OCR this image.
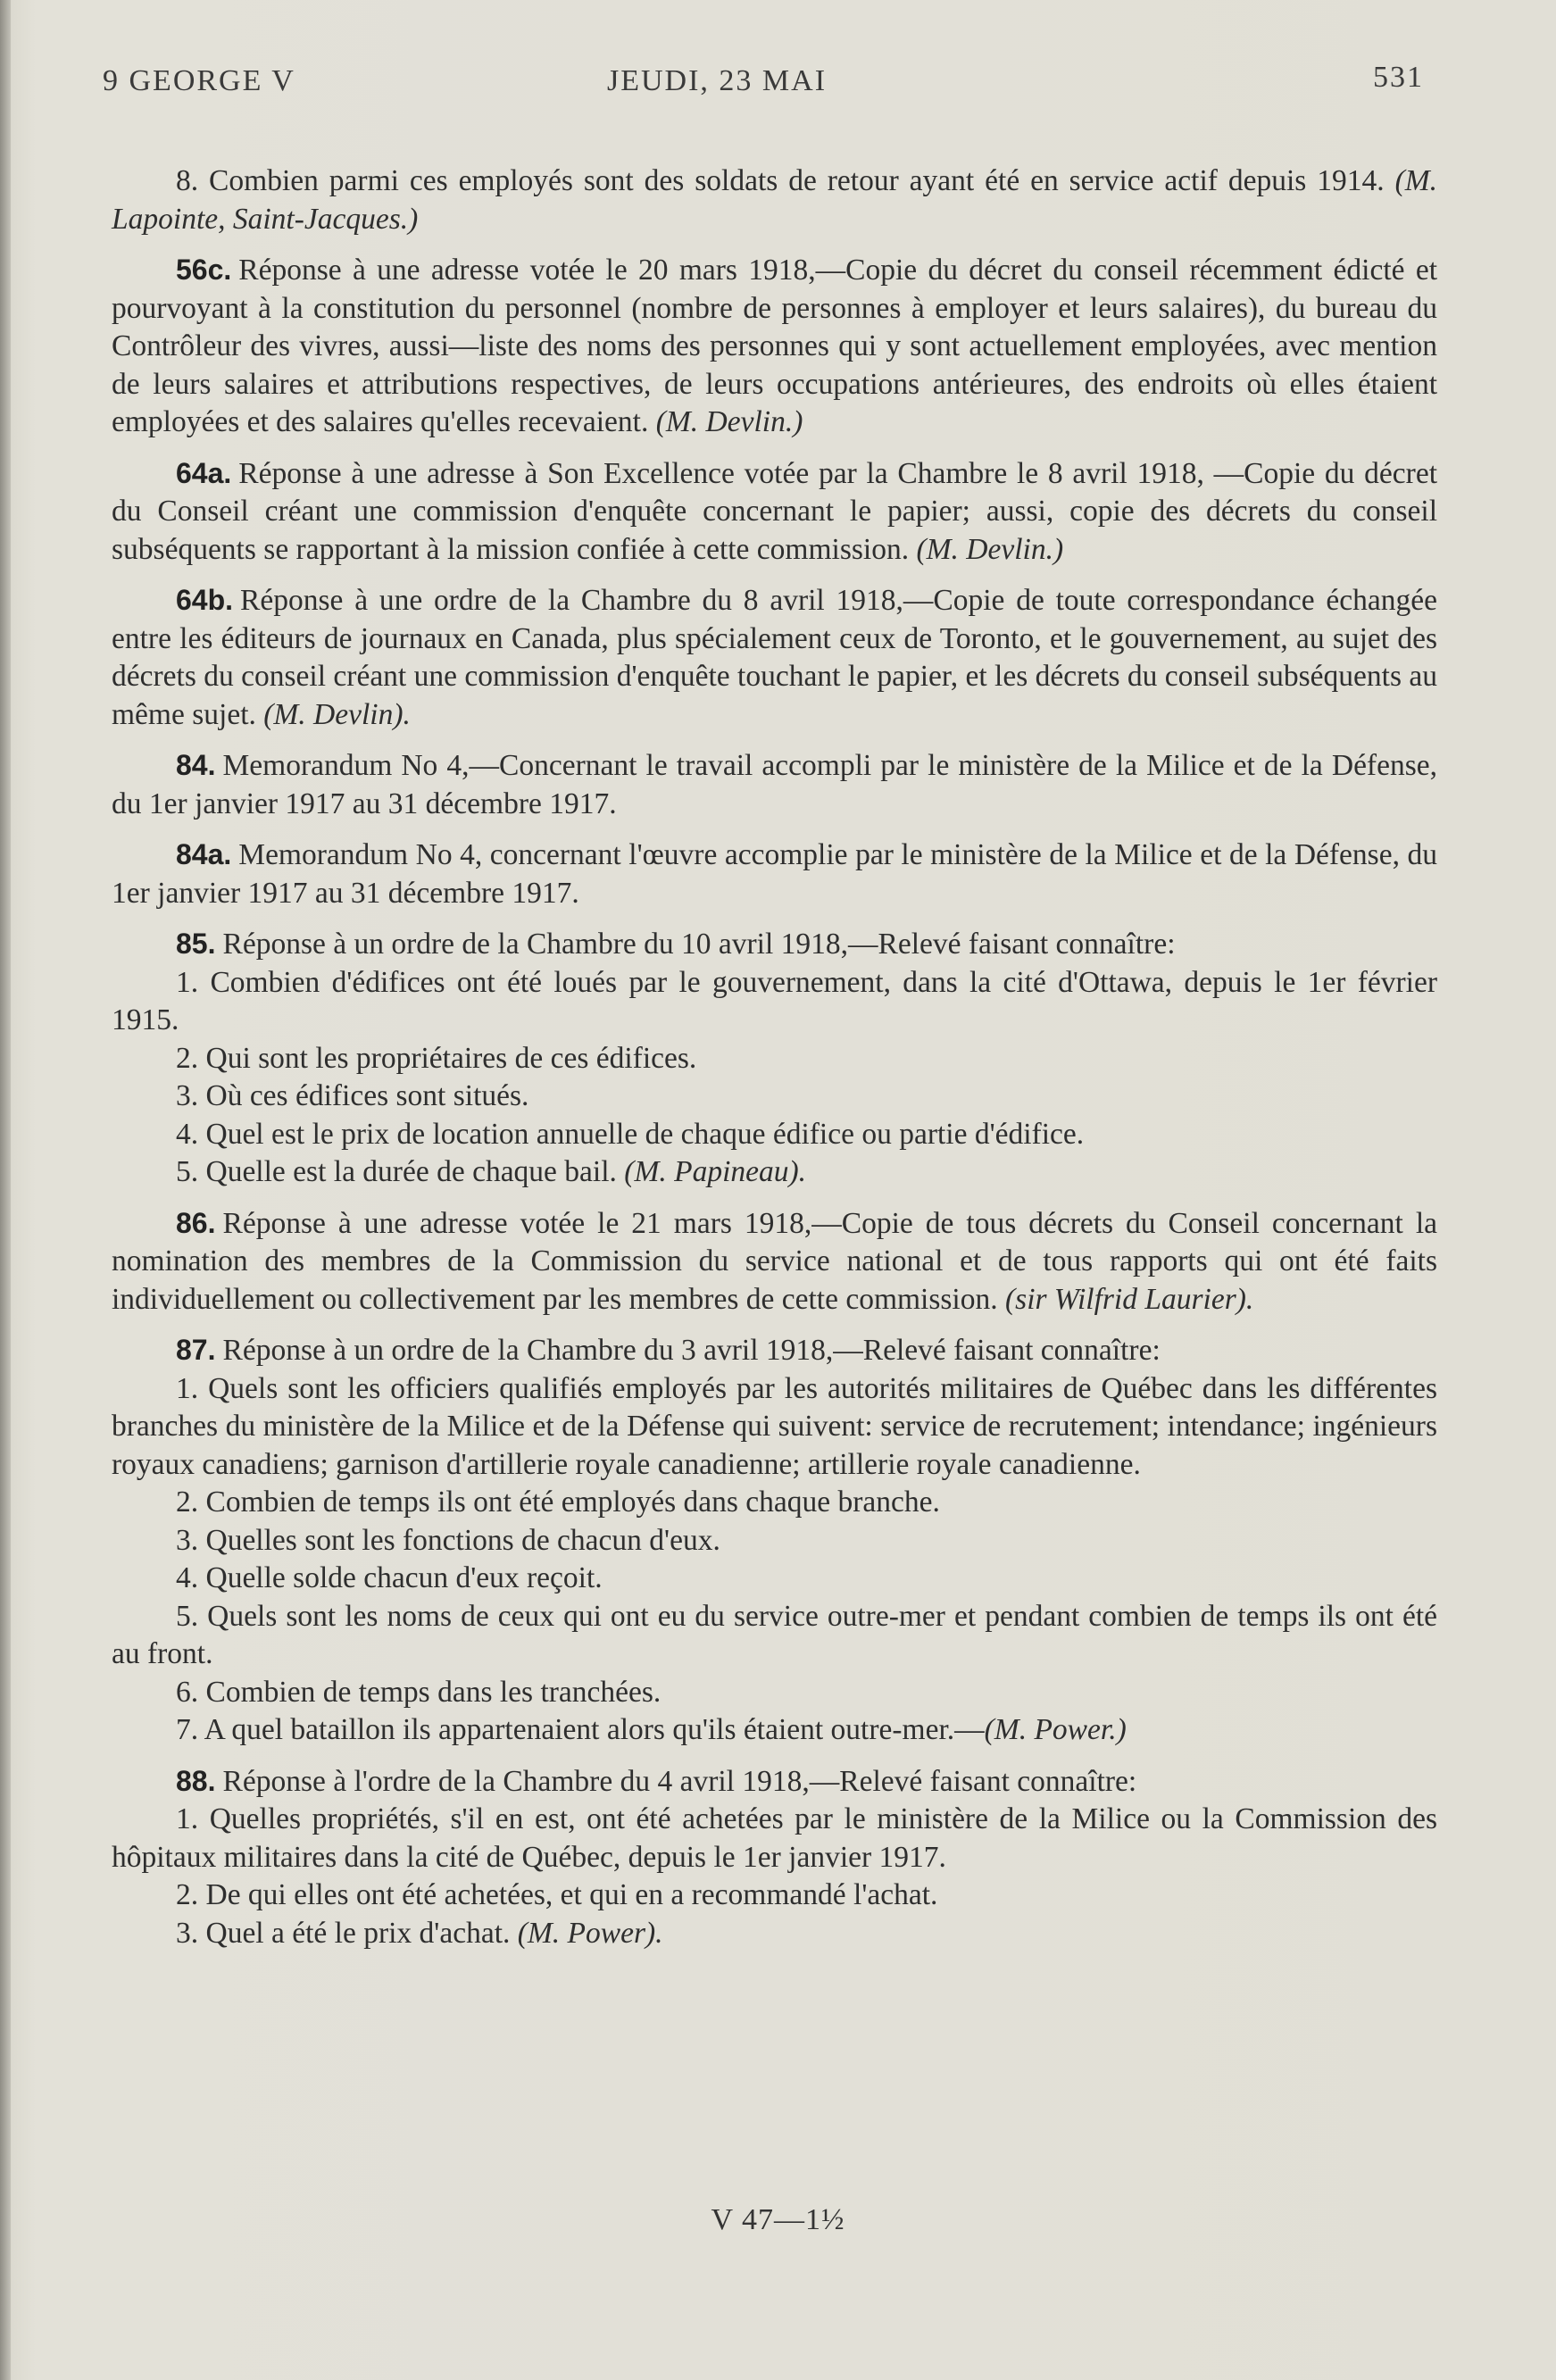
9 GEORGE V	JEUDI, 23 MAI	531

8. Combien parmi ces employés sont des soldats de retour ayant été en service actif depuis 1914. (M. Lapointe, Saint-Jacques.)

56c. Réponse à une adresse votée le 20 mars 1918,—Copie du décret du conseil récemment édicté et pourvoyant à la constitution du personnel (nombre de personnes à employer et leurs salaires), du bureau du Contrôleur des vivres, aussi—liste des noms des personnes qui y sont actuellement employées, avec mention de leurs salaires et attributions respectives, de leurs occupations antérieures, des endroits où elles étaient employées et des salaires qu'elles recevaient. (M. Devlin.)

64a. Réponse à une adresse à Son Excellence votée par la Chambre le 8 avril 1918, —Copie du décret du Conseil créant une commission d'enquête concernant le papier; aussi, copie des décrets du conseil subséquents se rapportant à la mission confiée à cette commission. (M. Devlin.)

64b. Réponse à une ordre de la Chambre du 8 avril 1918,—Copie de toute correspondance échangée entre les éditeurs de journaux en Canada, plus spécialement ceux de Toronto, et le gouvernement, au sujet des décrets du conseil créant une commission d'enquête touchant le papier, et les décrets du conseil subséquents au même sujet. (M. Devlin).

84. Memorandum No 4,—Concernant le travail accompli par le ministère de la Milice et de la Défense, du 1er janvier 1917 au 31 décembre 1917.

84a. Memorandum No 4, concernant l'œuvre accomplie par le ministère de la Milice et de la Défense, du 1er janvier 1917 au 31 décembre 1917.

85. Réponse à un ordre de la Chambre du 10 avril 1918,—Relevé faisant connaître:

1. Combien d'édifices ont été loués par le gouvernement, dans la cité d'Ottawa, depuis le 1er février 1915.

2. Qui sont les propriétaires de ces édifices.

3. Où ces édifices sont situés.

4. Quel est le prix de location annuelle de chaque édifice ou partie d'édifice.

5. Quelle est la durée de chaque bail. (M. Papineau).

86. Réponse à une adresse votée le 21 mars 1918,—Copie de tous décrets du Conseil concernant la nomination des membres de la Commission du service national et de tous rapports qui ont été faits individuellement ou collectivement par les membres de cette commission. (sir Wilfrid Laurier).

87. Réponse à un ordre de la Chambre du 3 avril 1918,—Relevé faisant connaître:

1. Quels sont les officiers qualifiés employés par les autorités militaires de Québec dans les différentes branches du ministère de la Milice et de la Défense qui suivent: service de recrutement; intendance; ingénieurs royaux canadiens; garnison d'artillerie royale canadienne; artillerie royale canadienne.

2. Combien de temps ils ont été employés dans chaque branche.

3. Quelles sont les fonctions de chacun d'eux.

4. Quelle solde chacun d'eux reçoit.

5. Quels sont les noms de ceux qui ont eu du service outre-mer et pendant combien de temps ils ont été au front.

6. Combien de temps dans les tranchées.

7. A quel bataillon ils appartenaient alors qu'ils étaient outre-mer.—(M. Power.)

88. Réponse à l'ordre de la Chambre du 4 avril 1918,—Relevé faisant connaître:

1. Quelles propriétés, s'il en est, ont été achetées par le ministère de la Milice ou la Commission des hôpitaux militaires dans la cité de Québec, depuis le 1er janvier 1917.

2. De qui elles ont été achetées, et qui en a recommandé l'achat.

3. Quel a été le prix d'achat. (M. Power).

V 47—1½
